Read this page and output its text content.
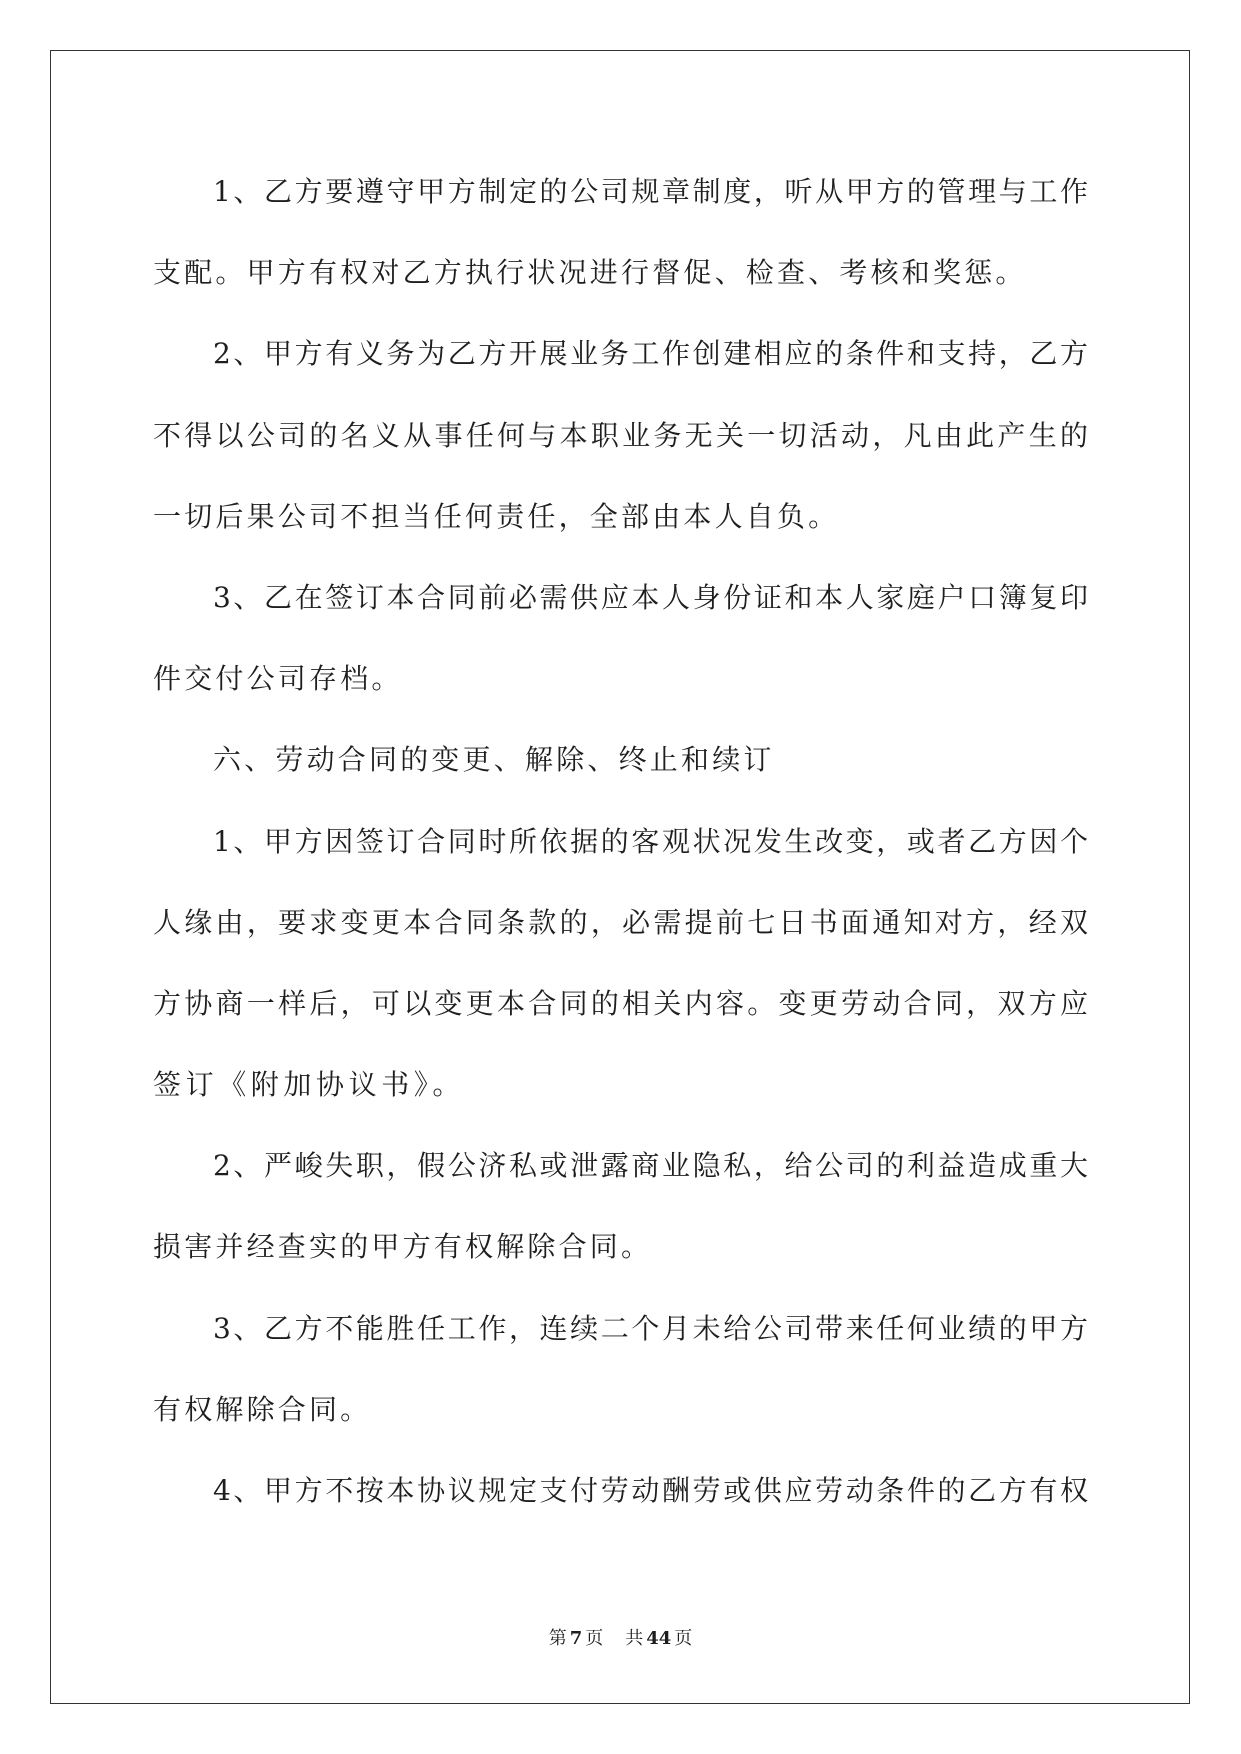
1、乙方要遵守甲方制定的公司规章制度，听从甲方的管理与工作
支配。甲方有权对乙方执行状况进行督促、检查、考核和奖惩。
2、甲方有义务为乙方开展业务工作创建相应的条件和支持，乙方
不得以公司的名义从事任何与本职业务无关一切活动，凡由此产生的
一切后果公司不担当任何责任，全部由本人自负。
3、乙在签订本合同前必需供应本人身份证和本人家庭户口簿复印
件交付公司存档。
六、劳动合同的变更、解除、终止和续订
1、甲方因签订合同时所依据的客观状况发生改变，或者乙方因个
人缘由，要求变更本合同条款的，必需提前七日书面通知对方，经双
方协商一样后，可以变更本合同的相关内容。变更劳动合同，双方应
签订《附加协议书》。
2、严峻失职，假公济私或泄露商业隐私，给公司的利益造成重大
损害并经查实的甲方有权解除合同。
3、乙方不能胜任工作，连续二个月未给公司带来任何业绩的甲方
有权解除合同。
4、甲方不按本协议规定支付劳动酬劳或供应劳动条件的乙方有权
第 7 页 共 44 页
